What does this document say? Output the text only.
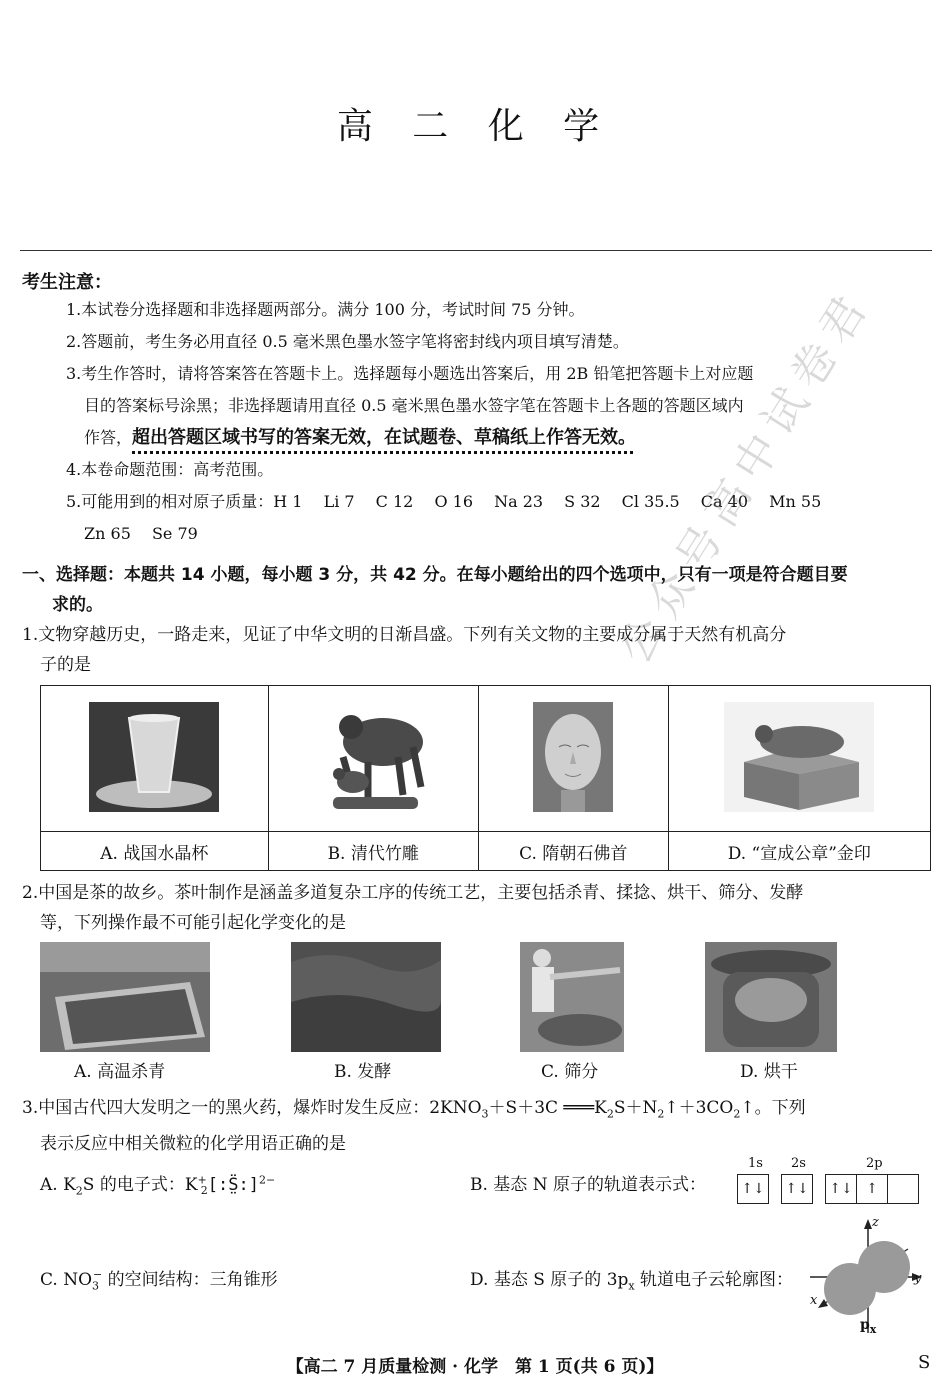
高 二 化 学
考生注意：
1.本试卷分选择题和非选择题两部分。满分 100 分，考试时间 75 分钟。
2.答题前，考生务必用直径 0.5 毫米黑色墨水签字笔将密封线内项目填写清楚。
3.考生作答时，请将答案答在答题卡上。选择题每小题选出答案后，用 2B 铅笔把答题卡上对应题
目的答案标号涂黑；非选择题请用直径 0.5 毫米黑色墨水签字笔在答题卡上各题的答题区域内
作答，超出答题区域书写的答案无效，在试题卷、草稿纸上作答无效。
4.本卷命题范围：高考范围。
5.可能用到的相对原子质量：H 1　 Li 7　 C 12　 O 16　 Na 23　 S 32　 Cl 35.5　 Ca 40　 Mn 55
Zn 65　 Se 79	公众号高中试卷君
一、选择题：本题共 14 小题，每小题 3 分，共 42 分。在每小题给出的四个选项中，只有一项是符合题目要
求的。
1.文物穿越历史，一路走来，见证了中华文明的日渐昌盛。下列有关文物的主要成分属于天然有机高分
子的是

A. 战国水晶杯	B. 清代竹雕	C. 隋朝石佛首	D. “宣成公章”金印
2.中国是茶的故乡。茶叶制作是涵盖多道复杂工序的传统工艺，主要包括杀青、揉捻、烘干、筛分、发酵
等，下列操作最不可能引起化学变化的是
A. 高温杀青	B. 发酵	C. 筛分	D. 烘干
3.中国古代四大发明之一的黑火药，爆炸时发生反应：$2KNO_3+S+3C$ $═══K_2S+N_2↑+3CO_2↑$。下列
表示反应中相关微粒的化学用语正确的是
A. $K_2S$ 的电子式：$K^+_2[:S̤̈:]^{2-}$	B. 基态 N 原子的轨道表示式：
1s 2s	2p
↑↓ ↑↓ ↑↓ ↑
C. $NO_3^-$ 的空间结构：三角锥形	D. 基态 S 原子的 $3p_x$ 轨道电子云轮廓图：
z
y
x
$p_x$
【高二 7 月质量检测 · 化学　第 1 页(共 6 页)】	S
